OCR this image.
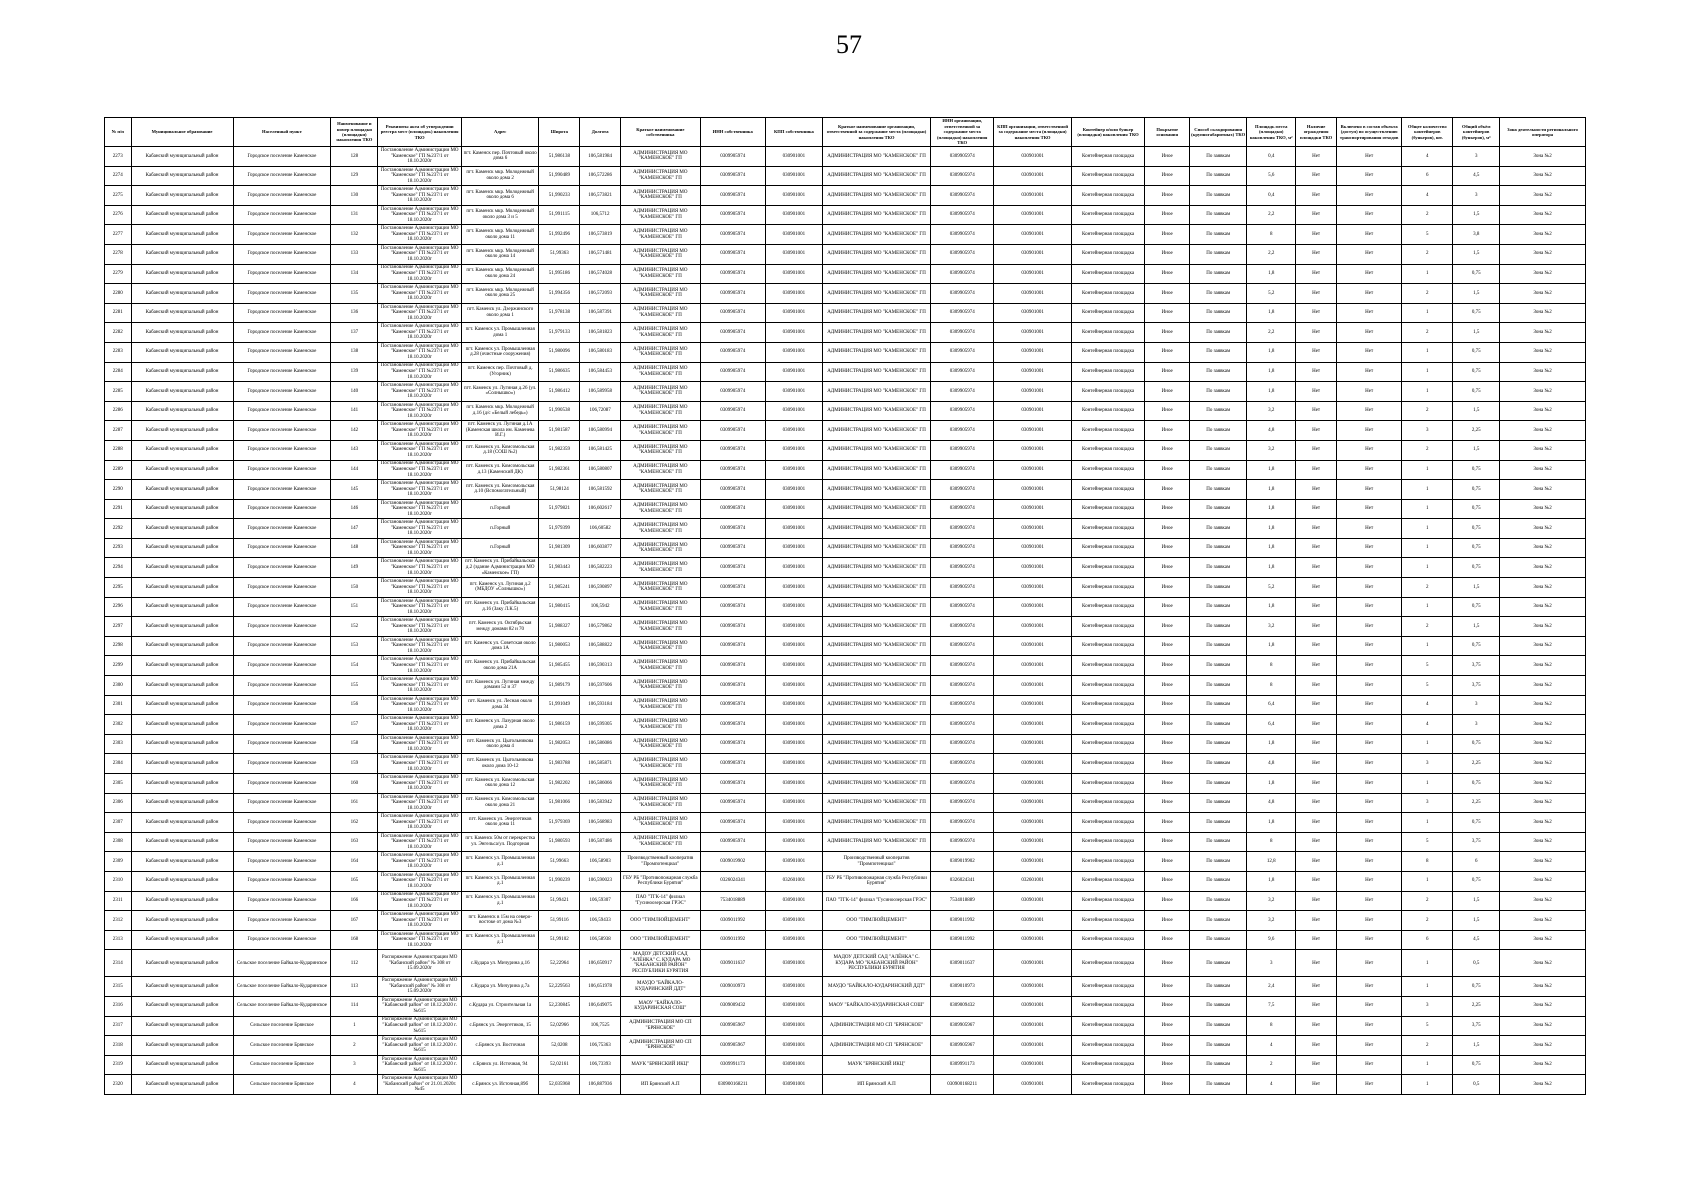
57
№ п/п	Муниципальное образование	Населенный пункт	Наименование и номер площадки (площадки) накопления ТКО	Реквизиты акта об утверждении реестра мест (площадок) накопления ТКО	Адрес	Широта	Долгота	Краткое наименование собственника	ИНН собственника	КПП собственника	Краткое наименование организации, ответственной за содержание места (площадки) накопления ТКО	ИНН организации, ответственной за содержание места (площадки) накопления ТКО	КПП организации, ответственной за содержание места (площадки) накопления ТКО	Контейнер и/или бункер (площадки) накопления ТКО	Покрытие основания	Способ складирования (крупногабаритных) ТКО	Площадь места (площадки) накопления ТКО, м²	Наличие ограждения площадки ТКО	Включено в состав объекта (доступ) по осуществлению транспортирования отходов	Общее количество контейнеров (бункеров), шт.	Общий объём контейнеров (бункеров), м³	Зона деятельности регионального оператора
2273	Кабанский муниципальный район	Городское поселение Каменское	128	Постановление Администрации МО "Каменское" ГП №237/1 от 18.10.2020г	пгт. Каменск пер. Почтовый около дома 6	51,986138	106,581984	АДМИНИСТРАЦИЯ МО "КАМЕНСКОЕ" ГП	0309905974	030901001	АДМИНИСТРАЦИЯ МО "КАМЕНСКОЕ" ГП	0309905974	030901001	Контейнерная площадка	Иное	По заявкам	0,4	Нет	Нет	4	3	Зона №2
2274	Кабанский муниципальный район	Городское поселение Каменское	129	Постановление Администрации МО "Каменское" ГП №237/1 от 18.10.2020г	пгт. Каменск мкр. Молодежный около дома 2	51,990489	106,572286	АДМИНИСТРАЦИЯ МО "КАМЕНСКОЕ" ГП	0309905974	030901001	АДМИНИСТРАЦИЯ МО "КАМЕНСКОЕ" ГП	0309905974	030901001	Контейнерная площадка	Иное	По заявкам	5,6	Нет	Нет	6	4,5	Зона №2
2275	Кабанский муниципальный район	Городское поселение Каменское	130	Постановление Администрации МО "Каменское" ГП №237/1 от 18.10.2020г	пгт. Каменск мкр. Молодежный около дома 6	51,990233	106,573821	АДМИНИСТРАЦИЯ МО "КАМЕНСКОЕ" ГП	0309905974	030901001	АДМИНИСТРАЦИЯ МО "КАМЕНСКОЕ" ГП	0309905974	030901001	Контейнерная площадка	Иное	По заявкам	0,4	Нет	Нет	4	3	Зона №2
2276	Кабанский муниципальный район	Городское поселение Каменское	131	Постановление Администрации МО "Каменское" ГП №237/1 от 18.10.2020г	пгт. Каменск мкр. Молодежный около дома 3 и 5	51,991115	106,5712	АДМИНИСТРАЦИЯ МО "КАМЕНСКОЕ" ГП	0309905974	030901001	АДМИНИСТРАЦИЯ МО "КАМЕНСКОЕ" ГП	0309905974	030901001	Контейнерная площадка	Иное	По заявкам	2,2	Нет	Нет	2	1,5	Зона №2
2277	Кабанский муниципальный район	Городское поселение Каменское	132	Постановление Администрации МО "Каменское" ГП №237/1 от 18.10.2020г	пгт. Каменск мкр. Молодежный около дома 11	51,992496	106,573819	АДМИНИСТРАЦИЯ МО "КАМЕНСКОЕ" ГП	0309905974	030901001	АДМИНИСТРАЦИЯ МО "КАМЕНСКОЕ" ГП	0309905974	030901001	Контейнерная площадка	Иное	По заявкам	8	Нет	Нет	5	3,8	Зона №2
2278	Кабанский муниципальный район	Городское поселение Каменское	133	Постановление Администрации МО "Каменское" ГП №237/1 от 18.10.2020г	пгт. Каменск мкр. Молодежный около дома 14	51,99363	106,571481	АДМИНИСТРАЦИЯ МО "КАМЕНСКОЕ" ГП	0309905974	030901001	АДМИНИСТРАЦИЯ МО "КАМЕНСКОЕ" ГП	0309905974	030901001	Контейнерная площадка	Иное	По заявкам	2,2	Нет	Нет	2	1,5	Зона №2
2279	Кабанский муниципальный район	Городское поселение Каменское	134	Постановление Администрации МО "Каменское" ГП №237/1 от 18.10.2020г	пгт. Каменск мкр. Молодежный около дома 24	51,995186	106,574028	АДМИНИСТРАЦИЯ МО "КАМЕНСКОЕ" ГП	0309905974	030901001	АДМИНИСТРАЦИЯ МО "КАМЕНСКОЕ" ГП	0309905974	030901001	Контейнерная площадка	Иное	По заявкам	1,8	Нет	Нет	1	0,75	Зона №2
2280	Кабанский муниципальный район	Городское поселение Каменское	135	Постановление Администрации МО "Каменское" ГП №237/1 от 18.10.2020г	пгт. Каменск мкр. Молодежный около дома 25	51,994356	106,572093	АДМИНИСТРАЦИЯ МО "КАМЕНСКОЕ" ГП	0309905974	030901001	АДМИНИСТРАЦИЯ МО "КАМЕНСКОЕ" ГП	0309905974	030901001	Контейнерная площадка	Иное	По заявкам	5,2	Нет	Нет	2	1,5	Зона №2
2281	Кабанский муниципальный район	Городское поселение Каменское	136	Постановление Администрации МО "Каменское" ГП №237/1 от 18.10.2020г	пгт. Каменск ул. Дзержинского около дома 1	51,978138	106,587391	АДМИНИСТРАЦИЯ МО "КАМЕНСКОЕ" ГП	0309905974	030901001	АДМИНИСТРАЦИЯ МО "КАМЕНСКОЕ" ГП	0309905974	030901001	Контейнерная площадка	Иное	По заявкам	1,8	Нет	Нет	1	0,75	Зона №2
2282	Кабанский муниципальный район	Городское поселение Каменское	137	Постановление Администрации МО "Каменское" ГП №237/1 от 18.10.2020г	пгт. Каменск ул. Промышленная дома 1	51,979133	106,581823	АДМИНИСТРАЦИЯ МО "КАМЕНСКОЕ" ГП	0309905974	030901001	АДМИНИСТРАЦИЯ МО "КАМЕНСКОЕ" ГП	0309905974	030901001	Контейнерная площадка	Иное	По заявкам	2,2	Нет	Нет	2	1,5	Зона №2
2283	Кабанский муниципальный район	Городское поселение Каменское	138	Постановление Администрации МО "Каменское" ГП №237/1 от 18.10.2020г	пгт. Каменск ул. Промышленная д.28 (очистные сооружения)	51,980096	106,580183	АДМИНИСТРАЦИЯ МО "КАМЕНСКОЕ" ГП	0309905974	030901001	АДМИНИСТРАЦИЯ МО "КАМЕНСКОЕ" ГП	0309905974	030901001	Контейнерная площадка	Иное	По заявкам	1,8	Нет	Нет	1	0,75	Зона №2
2284	Кабанский муниципальный район	Городское поселение Каменское	139	Постановление Администрации МО "Каменское" ГП №237/1 от 18.10.2020г	пгт. Каменск пер. Почтовый д. (Угорник)	51,986635	106,584453	АДМИНИСТРАЦИЯ МО "КАМЕНСКОЕ" ГП	0309905974	030901001	АДМИНИСТРАЦИЯ МО "КАМЕНСКОЕ" ГП	0309905974	030901001	Контейнерная площадка	Иное	По заявкам	1,8	Нет	Нет	1	0,75	Зона №2
2285	Кабанский муниципальный район	Городское поселение Каменское	140	Постановление Администрации МО "Каменское" ГП №237/1 от 18.10.2020г	пгт. Каменск ул. Лугиная д.26 (ул. «Солнышко»)	51,986412	106,589958	АДМИНИСТРАЦИЯ МО "КАМЕНСКОЕ" ГП	0309905974	030901001	АДМИНИСТРАЦИЯ МО "КАМЕНСКОЕ" ГП	0309905974	030901001	Контейнерная площадка	Иное	По заявкам	1,8	Нет	Нет	1	0,75	Зона №2
2286	Кабанский муниципальный район	Городское поселение Каменское	141	Постановление Администрации МО "Каменское" ГП №237/1 от 18.10.2020г	пгт. Каменск мкр. Молодежный д.16 (д/с «Белый лебедь»)	51,990538	106,72087	АДМИНИСТРАЦИЯ МО "КАМЕНСКОЕ" ГП	0309905974	030901001	АДМИНИСТРАЦИЯ МО "КАМЕНСКОЕ" ГП	0309905974	030901001	Контейнерная площадка	Иное	По заявкам	3,2	Нет	Нет	2	1,5	Зона №2
2287	Кабанский муниципальный район	Городское поселение Каменское	142	Постановление Администрации МО "Каменское" ГП №237/1 от 18.10.2020г	пгт. Каменск ул. Лугиная д.1А (Каменская школа им. Каменева И.Г.)	51,981587	106,580994	АДМИНИСТРАЦИЯ МО "КАМЕНСКОЕ" ГП	0309905974	030901001	АДМИНИСТРАЦИЯ МО "КАМЕНСКОЕ" ГП	0309905974	030901001	Контейнерная площадка	Иное	По заявкам	4,8	Нет	Нет	3	2,25	Зона №2
2288	Кабанский муниципальный район	Городское поселение Каменское	143	Постановление Администрации МО "Каменское" ГП №237/1 от 18.10.2020г	пгт. Каменск ул. Комсомольская д.18 (СОШ №2)	51,982359	106,581425	АДМИНИСТРАЦИЯ МО "КАМЕНСКОЕ" ГП	0309905974	030901001	АДМИНИСТРАЦИЯ МО "КАМЕНСКОЕ" ГП	0309905974	030901001	Контейнерная площадка	Иное	По заявкам	3,2	Нет	Нет	2	1,5	Зона №2
2289	Кабанский муниципальный район	Городское поселение Каменское	144	Постановление Администрации МО "Каменское" ГП №237/1 от 18.10.2020г	пгт. Каменск ул. Комсомольская д.13 (Каменский ДК)	51,982361	106,580807	АДМИНИСТРАЦИЯ МО "КАМЕНСКОЕ" ГП	0309905974	030901001	АДМИНИСТРАЦИЯ МО "КАМЕНСКОЕ" ГП	0309905974	030901001	Контейнерная площадка	Иное	По заявкам	1,8	Нет	Нет	1	0,75	Зона №2
2290	Кабанский муниципальный район	Городское поселение Каменское	145	Постановление Администрации МО "Каменское" ГП №237/1 от 18.10.2020г	пгт. Каменск ул. Комсомольская д.10 (Вспомогательный)	51,98124	106,581592	АДМИНИСТРАЦИЯ МО "КАМЕНСКОЕ" ГП	0309905974	030901001	АДМИНИСТРАЦИЯ МО "КАМЕНСКОЕ" ГП	0309905974	030901001	Контейнерная площадка	Иное	По заявкам	1,8	Нет	Нет	1	0,75	Зона №2
2291	Кабанский муниципальный район	Городское поселение Каменское	146	Постановление Администрации МО "Каменское" ГП №237/1 от 18.10.2020г	п.Горный	51,979821	106,602617	АДМИНИСТРАЦИЯ МО "КАМЕНСКОЕ" ГП	0309905974	030901001	АДМИНИСТРАЦИЯ МО "КАМЕНСКОЕ" ГП	0309905974	030901001	Контейнерная площадка	Иное	По заявкам	1,8	Нет	Нет	1	0,75	Зона №2
2292	Кабанский муниципальный район	Городское поселение Каменское	147	Постановление Администрации МО "Каменское" ГП №237/1 от 18.10.2020г	п.Горный	51,979399	106,60582	АДМИНИСТРАЦИЯ МО "КАМЕНСКОЕ" ГП	0309905974	030901001	АДМИНИСТРАЦИЯ МО "КАМЕНСКОЕ" ГП	0309905974	030901001	Контейнерная площадка	Иное	По заявкам	1,8	Нет	Нет	1	0,75	Зона №2
2293	Кабанский муниципальный район	Городское поселение Каменское	148	Постановление Администрации МО "Каменское" ГП №237/1 от 18.10.2020г	п.Горный	51,981309	106,603877	АДМИНИСТРАЦИЯ МО "КАМЕНСКОЕ" ГП	0309905974	030901001	АДМИНИСТРАЦИЯ МО "КАМЕНСКОЕ" ГП	0309905974	030901001	Контейнерная площадка	Иное	По заявкам	1,8	Нет	Нет	1	0,75	Зона №2
2294	Кабанский муниципальный район	Городское поселение Каменское	149	Постановление Администрации МО "Каменское" ГП №237/1 от 18.10.2020г	пгт. Каменск ул. Прибайкальская д.2 (здание Администрации МО «Каменское» ГП)	51,983443	106,582223	АДМИНИСТРАЦИЯ МО "КАМЕНСКОЕ" ГП	0309905974	030901001	АДМИНИСТРАЦИЯ МО "КАМЕНСКОЕ" ГП	0309905974	030901001	Контейнерная площадка	Иное	По заявкам	1,8	Нет	Нет	1	0,75	Зона №2
2295	Кабанский муниципальный район	Городское поселение Каменское	150	Постановление Администрации МО "Каменское" ГП №237/1 от 18.10.2020г	пгт. Каменск ул. Лугиная д.2 (МБДОУ «Солнышко»)	51,985241	106,590897	АДМИНИСТРАЦИЯ МО "КАМЕНСКОЕ" ГП	0309905974	030901001	АДМИНИСТРАЦИЯ МО "КАМЕНСКОЕ" ГП	0309905974	030901001	Контейнерная площадка	Иное	По заявкам	5,2	Нет	Нет	2	1,5	Зона №2
2296	Кабанский муниципальный район	Городское поселение Каменское	151	Постановление Администрации МО "Каменское" ГП №237/1 от 18.10.2020г	пгт. Каменск ул. Прибайкальская д.16 (Заку Л.К.5)	51,980415	106,5942	АДМИНИСТРАЦИЯ МО "КАМЕНСКОЕ" ГП	0309905974	030901001	АДМИНИСТРАЦИЯ МО "КАМЕНСКОЕ" ГП	0309905974	030901001	Контейнерная площадка	Иное	По заявкам	1,8	Нет	Нет	1	0,75	Зона №2
2297	Кабанский муниципальный район	Городское поселение Каменское	152	Постановление Администрации МО "Каменское" ГП №237/1 от 18.10.2020г	пгт. Каменск ул. Октябрьская между домами 82 и 70	51,988327	106,579862	АДМИНИСТРАЦИЯ МО "КАМЕНСКОЕ" ГП	0309905974	030901001	АДМИНИСТРАЦИЯ МО "КАМЕНСКОЕ" ГП	0309905974	030901001	Контейнерная площадка	Иное	По заявкам	3,2	Нет	Нет	2	1,5	Зона №2
2298	Кабанский муниципальный район	Городское поселение Каменское	153	Постановление Администрации МО "Каменское" ГП №237/1 от 18.10.2020г	пгт. Каменск ул. Советская около дома 1А	51,980053	106,588822	АДМИНИСТРАЦИЯ МО "КАМЕНСКОЕ" ГП	0309905974	030901001	АДМИНИСТРАЦИЯ МО "КАМЕНСКОЕ" ГП	0309905974	030901001	Контейнерная площадка	Иное	По заявкам	1,8	Нет	Нет	1	0,75	Зона №2
2299	Кабанский муниципальный район	Городское поселение Каменское	154	Постановление Администрации МО "Каменское" ГП №237/1 от 18.10.2020г	пгт. Каменск ул. Прибайкальская около дома 21А	51,985455	106,590313	АДМИНИСТРАЦИЯ МО "КАМЕНСКОЕ" ГП	0309905974	030901001	АДМИНИСТРАЦИЯ МО "КАМЕНСКОЕ" ГП	0309905974	030901001	Контейнерная площадка	Иное	По заявкам	8	Нет	Нет	5	3,75	Зона №2
2300	Кабанский муниципальный район	Городское поселение Каменское	155	Постановление Администрации МО "Каменское" ГП №237/1 от 18.10.2020г	пгт. Каменск ул. Лугиная между домами 52 и 37	51,989179	106,597606	АДМИНИСТРАЦИЯ МО "КАМЕНСКОЕ" ГП	0309905974	030901001	АДМИНИСТРАЦИЯ МО "КАМЕНСКОЕ" ГП	0309905974	030901001	Контейнерная площадка	Иное	По заявкам	8	Нет	Нет	5	3,75	Зона №2
2301	Кабанский муниципальный район	Городское поселение Каменское	156	Постановление Администрации МО "Каменское" ГП №237/1 от 18.10.2020г	пгт. Каменск ул. Лесная около дома 34	51,991049	106,593184	АДМИНИСТРАЦИЯ МО "КАМЕНСКОЕ" ГП	0309905974	030901001	АДМИНИСТРАЦИЯ МО "КАМЕНСКОЕ" ГП	0309905974	030901001	Контейнерная площадка	Иное	По заявкам	6,4	Нет	Нет	4	3	Зона №2
2302	Кабанский муниципальный район	Городское поселение Каменское	157	Постановление Администрации МО "Каменское" ГП №237/1 от 18.10.2020г	пгт. Каменск ул. Лазурная около дома 2	51,986159	106,599305	АДМИНИСТРАЦИЯ МО "КАМЕНСКОЕ" ГП	0309905974	030901001	АДМИНИСТРАЦИЯ МО "КАМЕНСКОЕ" ГП	0309905974	030901001	Контейнерная площадка	Иное	По заявкам	6,4	Нет	Нет	4	3	Зона №2
2303	Кабанский муниципальный район	Городское поселение Каменское	158	Постановление Администрации МО "Каменское" ГП №237/1 от 18.10.2020г	пгт. Каменск ул. Цыгольникова около дома 4	51,982053	106,586086	АДМИНИСТРАЦИЯ МО "КАМЕНСКОЕ" ГП	0309905974	030901001	АДМИНИСТРАЦИЯ МО "КАМЕНСКОЕ" ГП	0309905974	030901001	Контейнерная площадка	Иное	По заявкам	1,8	Нет	Нет	1	0,75	Зона №2
2304	Кабанский муниципальный район	Городское поселение Каменское	159	Постановление Администрации МО "Каменское" ГП №237/1 от 18.10.2020г	пгт. Каменск ул. Цыгольникова около дома 10-12	51,983788	106,585871	АДМИНИСТРАЦИЯ МО "КАМЕНСКОЕ" ГП	0309905974	030901001	АДМИНИСТРАЦИЯ МО "КАМЕНСКОЕ" ГП	0309905974	030901001	Контейнерная площадка	Иное	По заявкам	4,8	Нет	Нет	3	2,25	Зона №2
2305	Кабанский муниципальный район	Городское поселение Каменское	160	Постановление Администрации МО "Каменское" ГП №237/1 от 18.10.2020г	пгт. Каменск ул. Комсомольская около дома 12	51,982202	106,586066	АДМИНИСТРАЦИЯ МО "КАМЕНСКОЕ" ГП	0309905974	030901001	АДМИНИСТРАЦИЯ МО "КАМЕНСКОЕ" ГП	0309905974	030901001	Контейнерная площадка	Иное	По заявкам	1,8	Нет	Нет	1	0,75	Зона №2
2306	Кабанский муниципальный район	Городское поселение Каменское	161	Постановление Администрации МО "Каменское" ГП №237/1 от 18.10.2020г	пгт. Каменск ул. Комсомольская около дома 21	51,981066	106,583942	АДМИНИСТРАЦИЯ МО "КАМЕНСКОЕ" ГП	0309905974	030901001	АДМИНИСТРАЦИЯ МО "КАМЕНСКОЕ" ГП	0309905974	030901001	Контейнерная площадка	Иное	По заявкам	4,8	Нет	Нет	3	2,25	Зона №2
2307	Кабанский муниципальный район	Городское поселение Каменское	162	Постановление Администрации МО "Каменское" ГП №237/1 от 18.10.2020г	пгт. Каменск ул. Энергетиков около дома 11	51,979369	106,568983	АДМИНИСТРАЦИЯ МО "КАМЕНСКОЕ" ГП	0309905974	030901001	АДМИНИСТРАЦИЯ МО "КАМЕНСКОЕ" ГП	0309905974	030901001	Контейнерная площадка	Иное	По заявкам	1,8	Нет	Нет	1	0,75	Зона №2
2308	Кабанский муниципальный район	Городское поселение Каменское	163	Постановление Администрации МО "Каменское" ГП №237/1 от 18.10.2020г	пгт. Каменск 50м от перекрестка ул. Энгельса/ул. Подгорная	51,980593	106,587486	АДМИНИСТРАЦИЯ МО "КАМЕНСКОЕ" ГП	0309905974	030901001	АДМИНИСТРАЦИЯ МО "КАМЕНСКОЕ" ГП	0309905974	030901001	Контейнерная площадка	Иное	По заявкам	8	Нет	Нет	5	3,75	Зона №2
2309	Кабанский муниципальный район	Городское поселение Каменское	164	Постановление Администрации МО "Каменское" ГП №237/1 от 18.10.2020г	пгт. Каменск ул. Промышленная д.1	51,99663	106,58903	Производственный кооператив "Промпотенциал"	0309019902	030901001	Производственный кооператив "Промпотенциал"	0309019902	030901001	Контейнерная площадка	Иное	По заявкам	12,8	Нет	Нет	8	6	Зона №2
2310	Кабанский муниципальный район	Городское поселение Каменское	165	Постановление Администрации МО "Каменское" ГП №237/1 от 18.10.2020г	пгт. Каменск ул. Промышленная д.1	51,990239	106,590023	ГБУ РБ "Противопожарная служба Республики Бурятия"	0326024341	032601001	ГБУ РБ "Противопожарная служба Республики Бурятия"	0326024341	032601001	Контейнерная площадка	Иное	По заявкам	1,8	Нет	Нет	1	0,75	Зона №2
2311	Кабанский муниципальный район	Городское поселение Каменское	166	Постановление Администрации МО "Каменское" ГП №237/1 от 18.10.2020г	пгт. Каменск ул. Промышленная д.1	51,99421	106,59307	ПАО "ТГК-14" филиал "Гусиноозерская ГРЭС"	7534018889	030901001	ПАО "ТГК-14" филиал "Гусиноозерская ГРЭС"	7534018889	030901001	Контейнерная площадка	Иное	По заявкам	3,2	Нет	Нет	2	1,5	Зона №2
2312	Кабанский муниципальный район	Городское поселение Каменское	167	Постановление Администрации МО "Каменское" ГП №237/1 от 18.10.2020г	пгт. Каменск в 15м на северо-востоке от дома №3	51,99116	106,59433	ООО "ТИМЛЮЙЦЕМЕНТ"	0309011992	030901001	ООО "ТИМЛЮЙЦЕМЕНТ"	0309011992	030901001	Контейнерная площадка	Иное	По заявкам	3,2	Нет	Нет	2	1,5	Зона №2
2313	Кабанский муниципальный район	Городское поселение Каменское	168	Постановление Администрации МО "Каменское" ГП №237/1 от 18.10.2020г	пгт. Каменск ул. Промышленная д.1	51,99102	106,58938	ООО "ТИМЛЮЙЦЕМЕНТ"	0309011992	030901001	ООО "ТИМЛЮЙЦЕМЕНТ"	0309011992	030901001	Контейнерная площадка	Иное	По заявкам	9,6	Нет	Нет	6	4,5	Зона №2
2314	Кабанский муниципальный район	Сельское поселение Байкало-Кударинское	112	Распоряжение Администрации МО "Кабанский район" № 308 от 15.09.2020г	с.Кудара ул. Мичурина д.16	52,22964	106,650917	МАДОУ ДЕТСКИЙ САД "АЛЁНКА" С. КУДАРА МО "КАБАНСКИЙ РАЙОН" РЕСПУБЛИКИ БУРЯТИЯ	0309011637	030901001	МАДОУ ДЕТСКИЙ САД "АЛЁНКА" С. КУДАРА МО "КАБАНСКИЙ РАЙОН" РЕСПУБЛИКИ БУРЯТИЯ	0309011637	030901001	Контейнерная площадка	Иное	По заявкам	3	Нет	Нет	1	0,5	Зона №2
2315	Кабанский муниципальный район	Сельское поселение Байкало-Кударинское	113	Распоряжение Администрации МО "Кабанский район" № 308 от 15.09.2020г	с.Кудара ул. Мичурина д.7а	52,229563	106,651978	МАУДО "БАЙКАЛО-КУДАРИНСКИЙ ДДТ"	0309010973	030901001	МАУДО "БАЙКАЛО-КУДАРИНСКИЙ ДДТ"	0309010973	030901001	Контейнерная площадка	Иное	По заявкам	2,4	Нет	Нет	1	0,75	Зона №2
2316	Кабанский муниципальный район	Сельское поселение Байкало-Кударинское	114	Распоряжение Администрации МО "Кабанский район" от 18.12.2020 г. №615	с.Кудара ул. Строительная 1а	52,230845	106,649075	МАОУ "БАЙКАЛО-КУДАРИНСКАЯ СОШ"	0309009432	030901001	МАОУ "БАЙКАЛО-КУДАРИНСКАЯ СОШ"	0309009432	030901001	Контейнерная площадка	Иное	По заявкам	7,5	Нет	Нет	3	2,25	Зона №2
2317	Кабанский муниципальный район	Сельское поселение Брянское	1	Распоряжение Администрации МО "Кабанский район" от 18.12.2020 г. №615	с.Брянск ул. Энергетиков, 15	52,02966	106,7525	АДМИНИСТРАЦИЯ МО СП "БРЯНСКОЕ"	0309905967	030901001	АДМИНИСТРАЦИЯ МО СП "БРЯНСКОЕ"	0309905967	030901001	Контейнерная площадка	Иное	По заявкам	8	Нет	Нет	5	3,75	Зона №2
2318	Кабанский муниципальный район	Сельское поселение Брянское	2	Распоряжение Администрации МО "Кабанский район" от 18.12.2020 г. №615	с.Брянск ул. Восточная	52,0208	106,75363	АДМИНИСТРАЦИЯ МО СП "БРЯНСКОЕ"	0309905967	030901001	АДМИНИСТРАЦИЯ МО СП "БРЯНСКОЕ"	0309905967	030901001	Контейнерная площадка	Иное	По заявкам	4	Нет	Нет	2	1,5	Зона №2
2319	Кабанский муниципальный район	Сельское поселение Брянское	3	Распоряжение Администрации МО "Кабанский район" от 18.12.2020 г. №615	с.Брянск ул. Источная, 94	52,02161	106,73393	МАУК "БРЯНСКИЙ ИКЦ"	0309991173	030901001	МАУК "БРЯНСКИЙ ИКЦ"	0309991173	030901001	Контейнерная площадка	Иное	По заявкам	2	Нет	Нет	1	0,75	Зона №2
2320	Кабанский муниципальный район	Сельское поселение Брянское	4	Распоряжение Администрации МО "Кабанский район" от 21.01.2020г. №45	с.Брянск ул. Источная,89б	52,035968	106,887936	ИП Брянский А.П	030900168211	030901001	ИП Брянский А.П	030900168211	030901001	Контейнерная площадка	Иное	По заявкам	4	Нет	Нет	1	0,5	Зона №2
